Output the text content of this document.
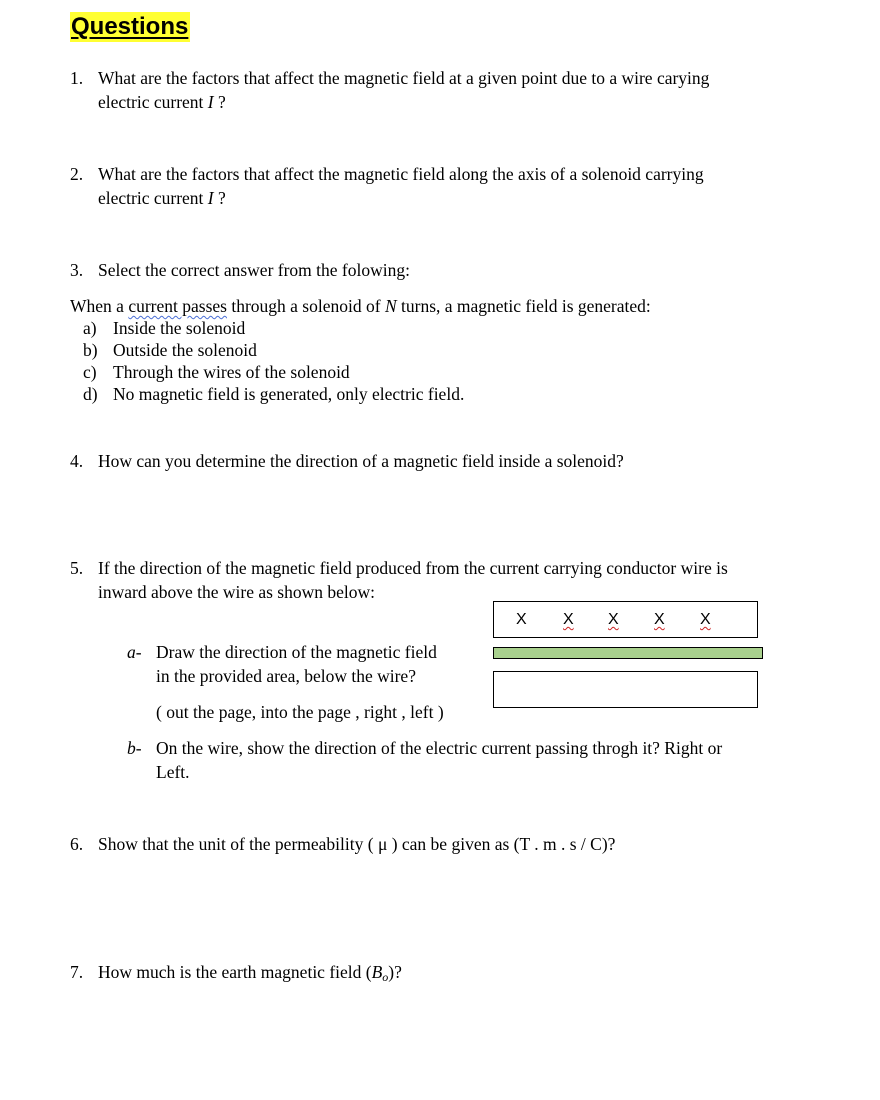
Questions
1. What are the factors that affect the magnetic field at a given point due to a wire carying
electric current I ?
2. What are the factors that affect the magnetic field along the axis of a solenoid carrying
electric current I ?
3. Select the correct answer from the folowing:
When a current passes through a solenoid of N turns, a magnetic field is generated:
a) Inside the solenoid
b) Outside the solenoid
c) Through the wires of the solenoid
d) No magnetic field is generated, only electric field.
4. How can you determine the direction of a magnetic field inside a solenoid?
5. If the direction of the magnetic field produced from the current carrying conductor wire is
inward above the wire as shown below:
X X X X X
a- Draw the direction of the magnetic field
in the provided area, below the wire?
( out the page, into the page , right , left )
b- On the wire, show the direction of the electric current passing throgh it? Right or
Left.
6. Show that the unit of the permeability ( μ ) can be given as (T . m . s / C)?
7. How much is the earth magnetic field $(B_o)$?
